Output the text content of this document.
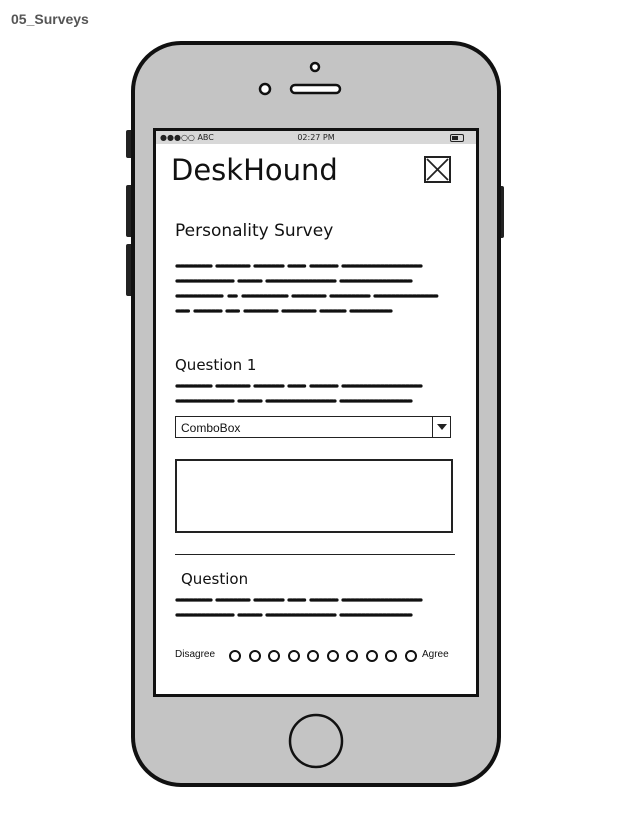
05_Surveys
●●●○○ ABC	02:27 PM
DeskHound
Personality Survey
Question 1
ComboBox
Question
Disagree	Agree
